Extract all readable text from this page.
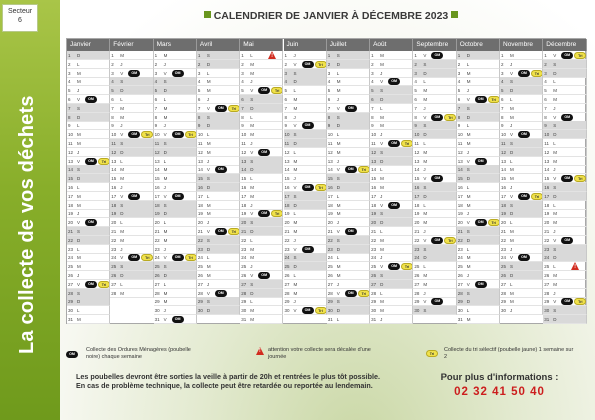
Secteur
6
La collecte de vos déchets
CALENDRIER DE JANVIER À DÉCEMBRE 2023
Janvier
1	D
2	L
3	M
4	M
5	J
6	V	OM
7	S
8	D
9	L
10 M
11 M
12 J
13 V	OM	Tri
14 S
15 D
16 L
17 M
18 M
19 J
20 V	OM
21 S
22 D
23 L
24 M
25 M
26 J
27 V	OM	Tri
28 S
29 D
30 L
31 M
Février
1	M
2	J
3	V	OM
4	S
5	D
6	L
7	M
8	M
9	J
10 V	OM	Tri
11 S
12 D
13 L
14 M
15 M
16 J
17 V	OM
18 S
19 D
20 L
21 M
22 M
23 J
24 V	OM	Tri
25 S
26 D
27 L
28 M
Mars
1	M
2	J
3	V	OM
4	S
5	D
6	L
7	M
8	M
9	J
10 V	OM	Tri
11 S
12 D
13 L
14 M
15 M
16 J
17 V	OM
18 S
19 D
20 L
21 M
22 M
23 J
24 V	OM	Tri
25 S
26 D
27 L
28 M
29 M
30 J
31 V	OM
Avril
1	S
2	D
3	L
4	M
5	M
6	J
7	V	OM	Tri
8	S
9	D
10 L
11 M
12 M
13 J
14 V	OM
15 S
16 D
17 L
18 M
19 M
20 J
21 V	OM	Tri
22 S
23 D
24 L
25 M
26 M
27 J
28 V	OM
29 S
30 D
Mai
1	L
!
2	M
3	M
4	J
5	V	OM	Tri
6	S
7	D
8	L
9	M
10 M
11 J
12 V	OM
13 S
14 D
15 L
16 M
17 M
18 J
19 V	OM	Tri
20 S
21 D
22 L
23 M
24 M
25 J
26 V	OM
27 S
28 D
29 L
30 M
31 M
Juin
1	J
2	V	OM	Tri
3	S
4	D
5	L
6	M
7	M
8	J
9	V	OM
10 S
11 D
12 L
13 M
14 M
15 J
16 V	OM	Tri
17 S
18 D
19 L
20 M
21 M
22 J
23 V	OM
24 S
25 D
26 L
27 M
28 M
29 J
30 V	OM	Tri
Juillet
1	S
2	D
3	L
4	M
5	M
6	J
7	V	OM
8	S
9	D
10 L
11 M
12 M
13 J
14 V	OM	Tri
15 S
16 D
17 L
18 M
19 M
20 J
21 V	OM
22 S
23 D
24 L
25 M
26 M
27 J
28 V	OM	Tri
29 S
30 D
31 L
Août
1	M
2	M
3	J
4	V	OM
5	S
6	D
7	L
8	M
9	M
10 J
11 V	OM	Tri
12 S
13 D
14 L
15 M
16 M
17 J
18 V	OM
19 S
20 D
21 L
22 M
23 M
24 J
25 V	OM	Tri
26 S
27 D
28 L
29 M
30 M
31 J
Septembre
1	V	OM
2	S
3	D
4	L
5	M
6	M
7	J
8	V	OM	Tri
9	S
10 D
11 L
12 M
13 M
14 J
15 V	OM
16 S
17 D
18 L
19 M
20 M
21 J
22 V	OM	Tri
23 S
24 D
25 L
26 M
27 M
28 J
29 V	OM
30 S
Octobre
1	D
2	L
3	M
4	M
5	J
6	V	OM	Tri
7	S
8	D
9	L
10 M
11 M
12 J
13 V	OM
14 S
15 D
16 L
17 M
18 M
19 J
20 V	OM	Tri
21 S
22 D
23 L
24 M
25 M
26 J
27 V	OM
28 S
29 D
30 L
31 M
Novembre
1	M
2	J
3	V	OM	Tri
4	S
5	D
6	L
7	M
8	M
9	J
10 V	OM
11 S
12 D
13 L
14 M
15 M
16 J
17 V	OM	Tri
18 S
19 D
20 L
21 M
22 M
23 J
24 V	OM
25 S
26 D
27 L
28 M
29 M
30 J
Décembre
1	V	OM	Tri
2	S
3	D
4	L
5	M
6	M
7	J
8	V	OM
9	S
10 D
11 L
12 M
13 M
14 J
15 V	OM	Tri
16 S
17 D
18 L
19 M
20 M
21 J
22 V	OM
23 S
24 D
25 L
!
26 M
27 M
28 J
29 V	OM	Tri
30 S
31 D
OM
Collecte des Ordures Ménagères (poubelle noire) chaque semaine
!
attention votre collecte sera décalée d'une journée	Tri
Collecte du tri sélectif (poubelle jaune) 1 semaine sur 2
Les poubelles devront être sorties la veille à partir de 20h et rentrées le plus tôt possible.
En cas de problème technique, la collecte peut être retardée ou reportée au lendemain.
Pour plus d'informations :
02 32 41 50 40
